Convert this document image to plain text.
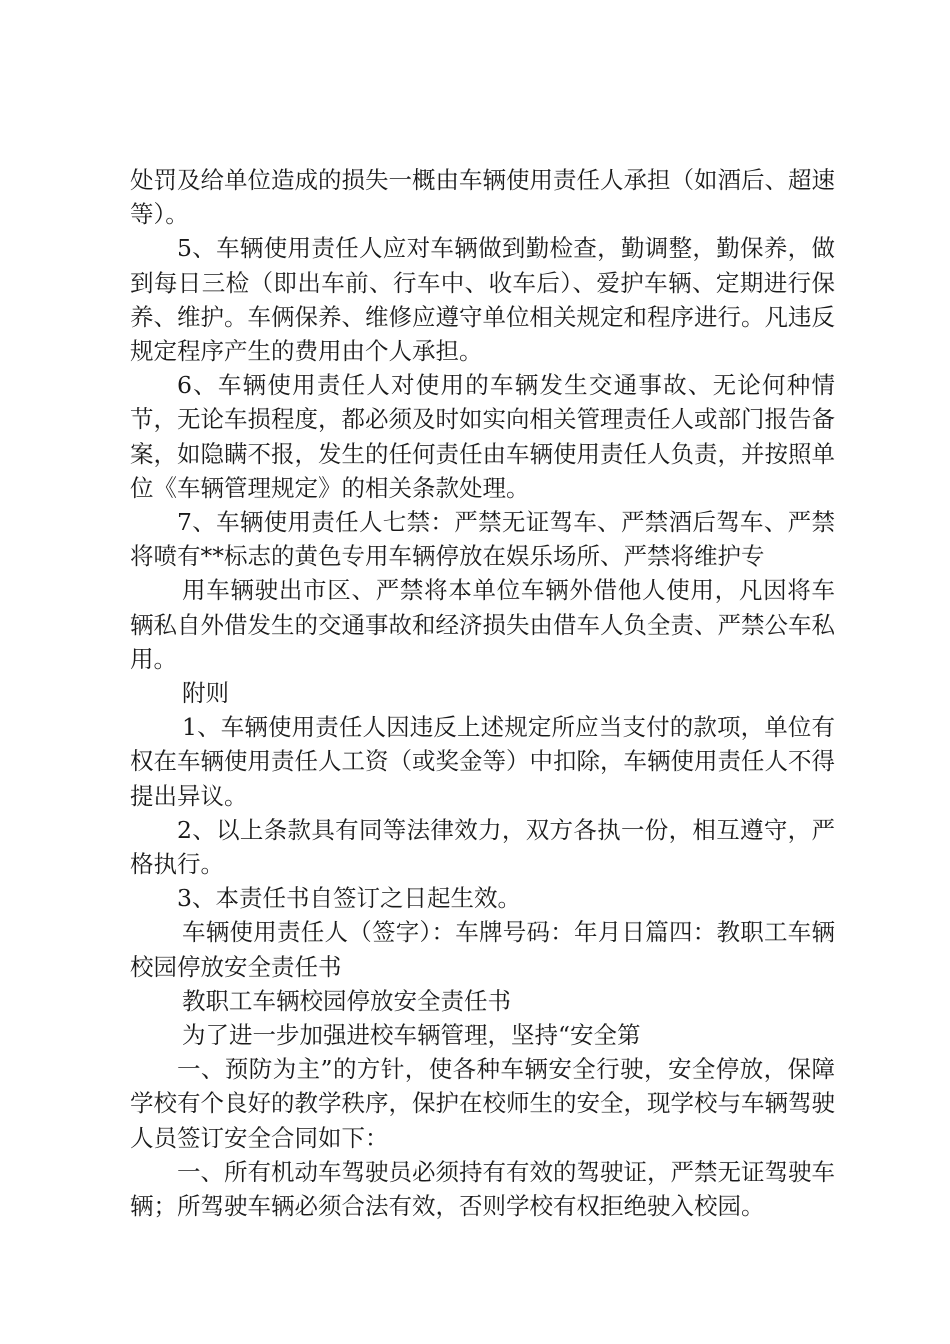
处罚及给单位造成的损失一概由车辆使用责任人承担（如酒后、超速等）。

5、车辆使用责任人应对车辆做到勤检查，勤调整，勤保养，做到每日三检（即出车前、行车中、收车后）、爱护车辆、定期进行保养、维护。车俩保养、维修应遵守单位相关规定和程序进行。凡违反规定程序产生的费用由个人承担。

6、车辆使用责任人对使用的车辆发生交通事故、无论何种情节，无论车损程度，都必须及时如实向相关管理责任人或部门报告备案，如隐瞒不报，发生的任何责任由车辆使用责任人负责，并按照单位《车辆管理规定》的相关条款处理。

7、车辆使用责任人七禁：严禁无证驾车、严禁酒后驾车、严禁将喷有**标志的黄色专用车辆停放在娱乐场所、严禁将维护专

用车辆驶出市区、严禁将本单位车辆外借他人使用，凡因将车辆私自外借发生的交通事故和经济损失由借车人负全责、严禁公车私用。

附则

1、车辆使用责任人因违反上述规定所应当支付的款项，单位有权在车辆使用责任人工资（或奖金等）中扣除，车辆使用责任人不得提出异议。

2、以上条款具有同等法律效力，双方各执一份，相互遵守，严格执行。

3、本责任书自签订之日起生效。

车辆使用责任人（签字）：车牌号码：年月日篇四：教职工车辆校园停放安全责任书

教职工车辆校园停放安全责任书

为了进一步加强进校车辆管理，坚持“安全第

一、预防为主”的方针，使各种车辆安全行驶，安全停放，保障学校有个良好的教学秩序，保护在校师生的安全，现学校与车辆驾驶人员签订安全合同如下：

一、所有机动车驾驶员必须持有有效的驾驶证，严禁无证驾驶车辆；所驾驶车辆必须合法有效，否则学校有权拒绝驶入校园。
